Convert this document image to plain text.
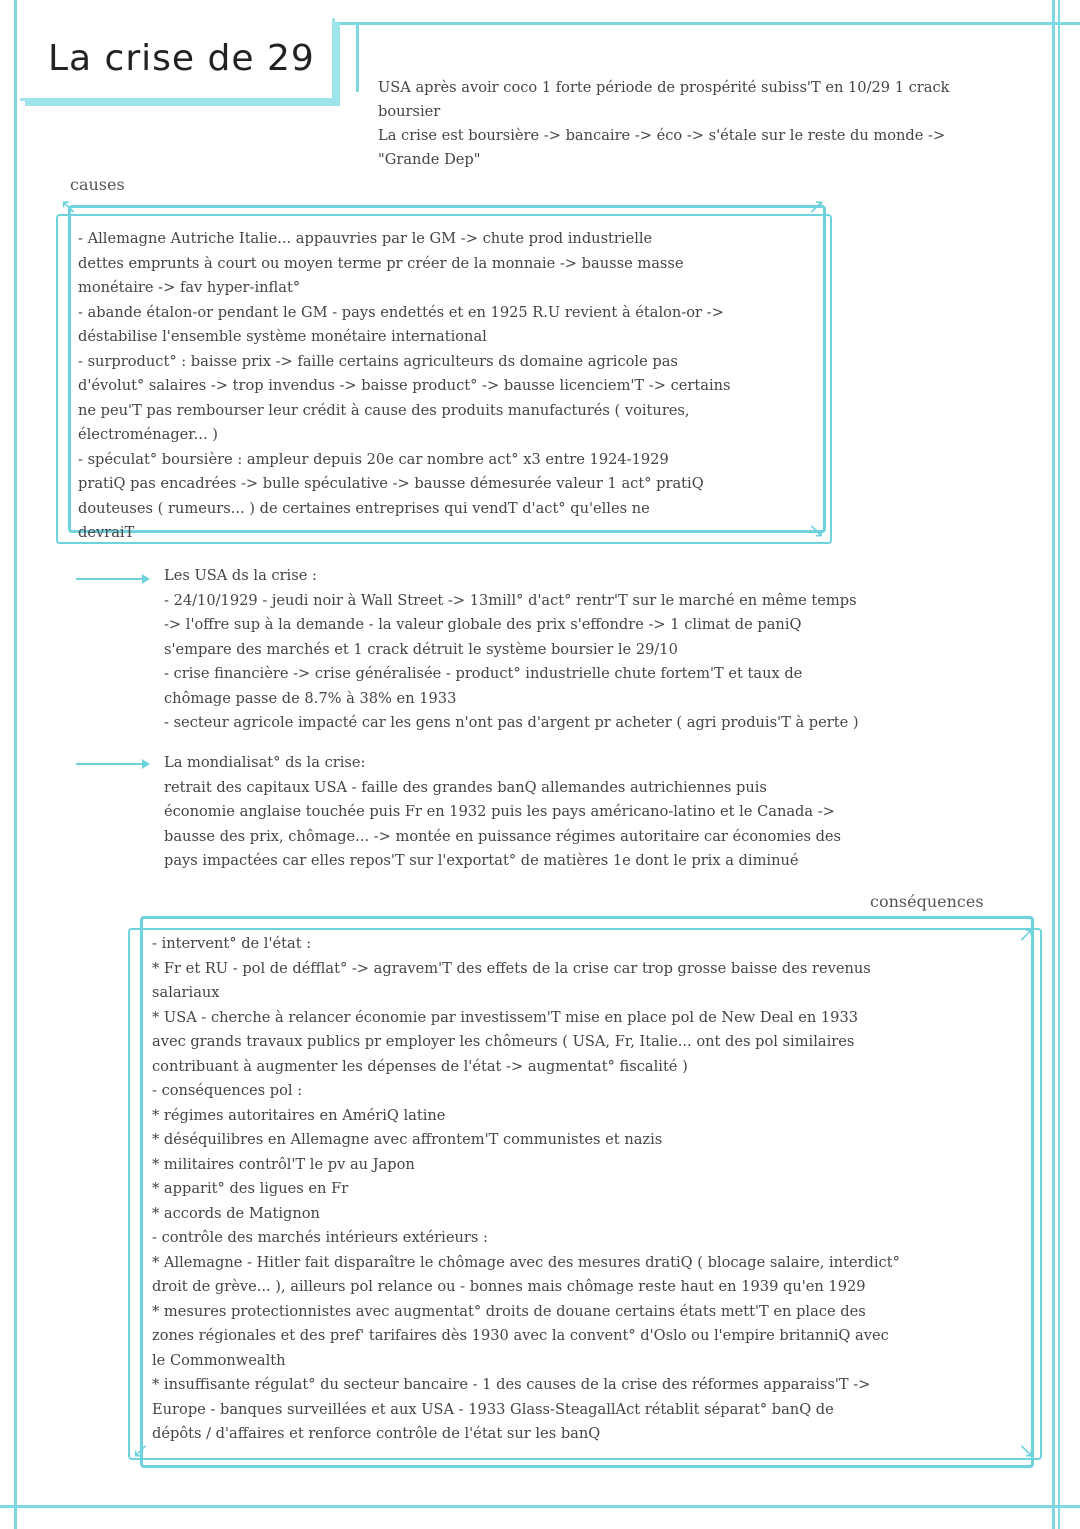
La crise de 29
USA après avoir coco 1 forte période de prospérité subiss'T en 10/29 1 crack
boursier
La crise est boursière -> bancaire -> éco -> s'étale sur le reste du monde ->
"Grande Dep"
causes
↖	↗
↘
- Allemagne Autriche Italie... appauvries par le GM -> chute prod industrielle
dettes emprunts à court ou moyen terme pr créer de la monnaie -> bausse masse
monétaire -> fav hyper-inflat°
- abande étalon-or pendant le GM - pays endettés et en 1925 R.U revient à étalon-or ->
déstabilise l'ensemble système monétaire international
- surproduct° : baisse prix -> faille certains agriculteurs ds domaine agricole pas
d'évolut° salaires -> trop invendus -> baisse product° -> bausse licenciem'T -> certains
ne peu'T pas rembourser leur crédit à cause des produits manufacturés ( voitures,
électroménager... )
- spéculat° boursière : ampleur depuis 20e car nombre act° x3 entre 1924-1929
pratiQ pas encadrées -> bulle spéculative -> bausse démesurée valeur 1 act° pratiQ
douteuses ( rumeurs... ) de certaines entreprises qui vendT d'act° qu'elles ne
devraiT
Les USA ds la crise :
- 24/10/1929 - jeudi noir à Wall Street -> 13mill° d'act° rentr'T sur le marché en même temps
-> l'offre sup à la demande - la valeur globale des prix s'effondre -> 1 climat de paniQ
s'empare des marchés et 1 crack détruit le système boursier le 29/10
- crise financière -> crise généralisée - product° industrielle chute fortem'T et taux de
chômage passe de 8.7% à 38% en 1933
- secteur agricole impacté car les gens n'ont pas d'argent pr acheter ( agri produis'T à perte )
La mondialisat° ds la crise:
retrait des capitaux USA - faille des grandes banQ allemandes autrichiennes puis
économie anglaise touchée puis Fr en 1932 puis les pays américano-latino et le Canada ->
bausse des prix, chômage... -> montée en puissance régimes autoritaire car économies des
pays impactées car elles repos'T sur l'exportat° de matières 1e dont le prix a diminué
conséquences
↗
↘
↙
- intervent° de l'état :
* Fr et RU - pol de défflat° -> agravem'T des effets de la crise car trop grosse baisse des revenus
salariaux
* USA - cherche à relancer économie par investissem'T mise en place pol de New Deal en 1933
avec grands travaux publics pr employer les chômeurs ( USA, Fr, Italie... ont des pol similaires
contribuant à augmenter les dépenses de l'état -> augmentat° fiscalité )
- conséquences pol :
* régimes autoritaires en AmériQ latine
* déséquilibres en Allemagne avec affrontem'T communistes et nazis
* militaires contrôl'T le pv au Japon
* apparit° des ligues en Fr
* accords de Matignon
- contrôle des marchés intérieurs extérieurs :
* Allemagne - Hitler fait disparaître le chômage avec des mesures dratiQ ( blocage salaire, interdict°
droit de grève... ), ailleurs pol relance ou - bonnes mais chômage reste haut en 1939 qu'en 1929
* mesures protectionnistes avec augmentat° droits de douane certains états mett'T en place des
zones régionales et des pref' tarifaires dès 1930 avec la convent° d'Oslo ou l'empire britanniQ avec
le Commonwealth
* insuffisante régulat° du secteur bancaire - 1 des causes de la crise des réformes apparaiss'T ->
Europe - banques surveillées et aux USA - 1933 Glass-SteagallAct rétablit séparat° banQ de
dépôts / d'affaires et renforce contrôle de l'état sur les banQ
